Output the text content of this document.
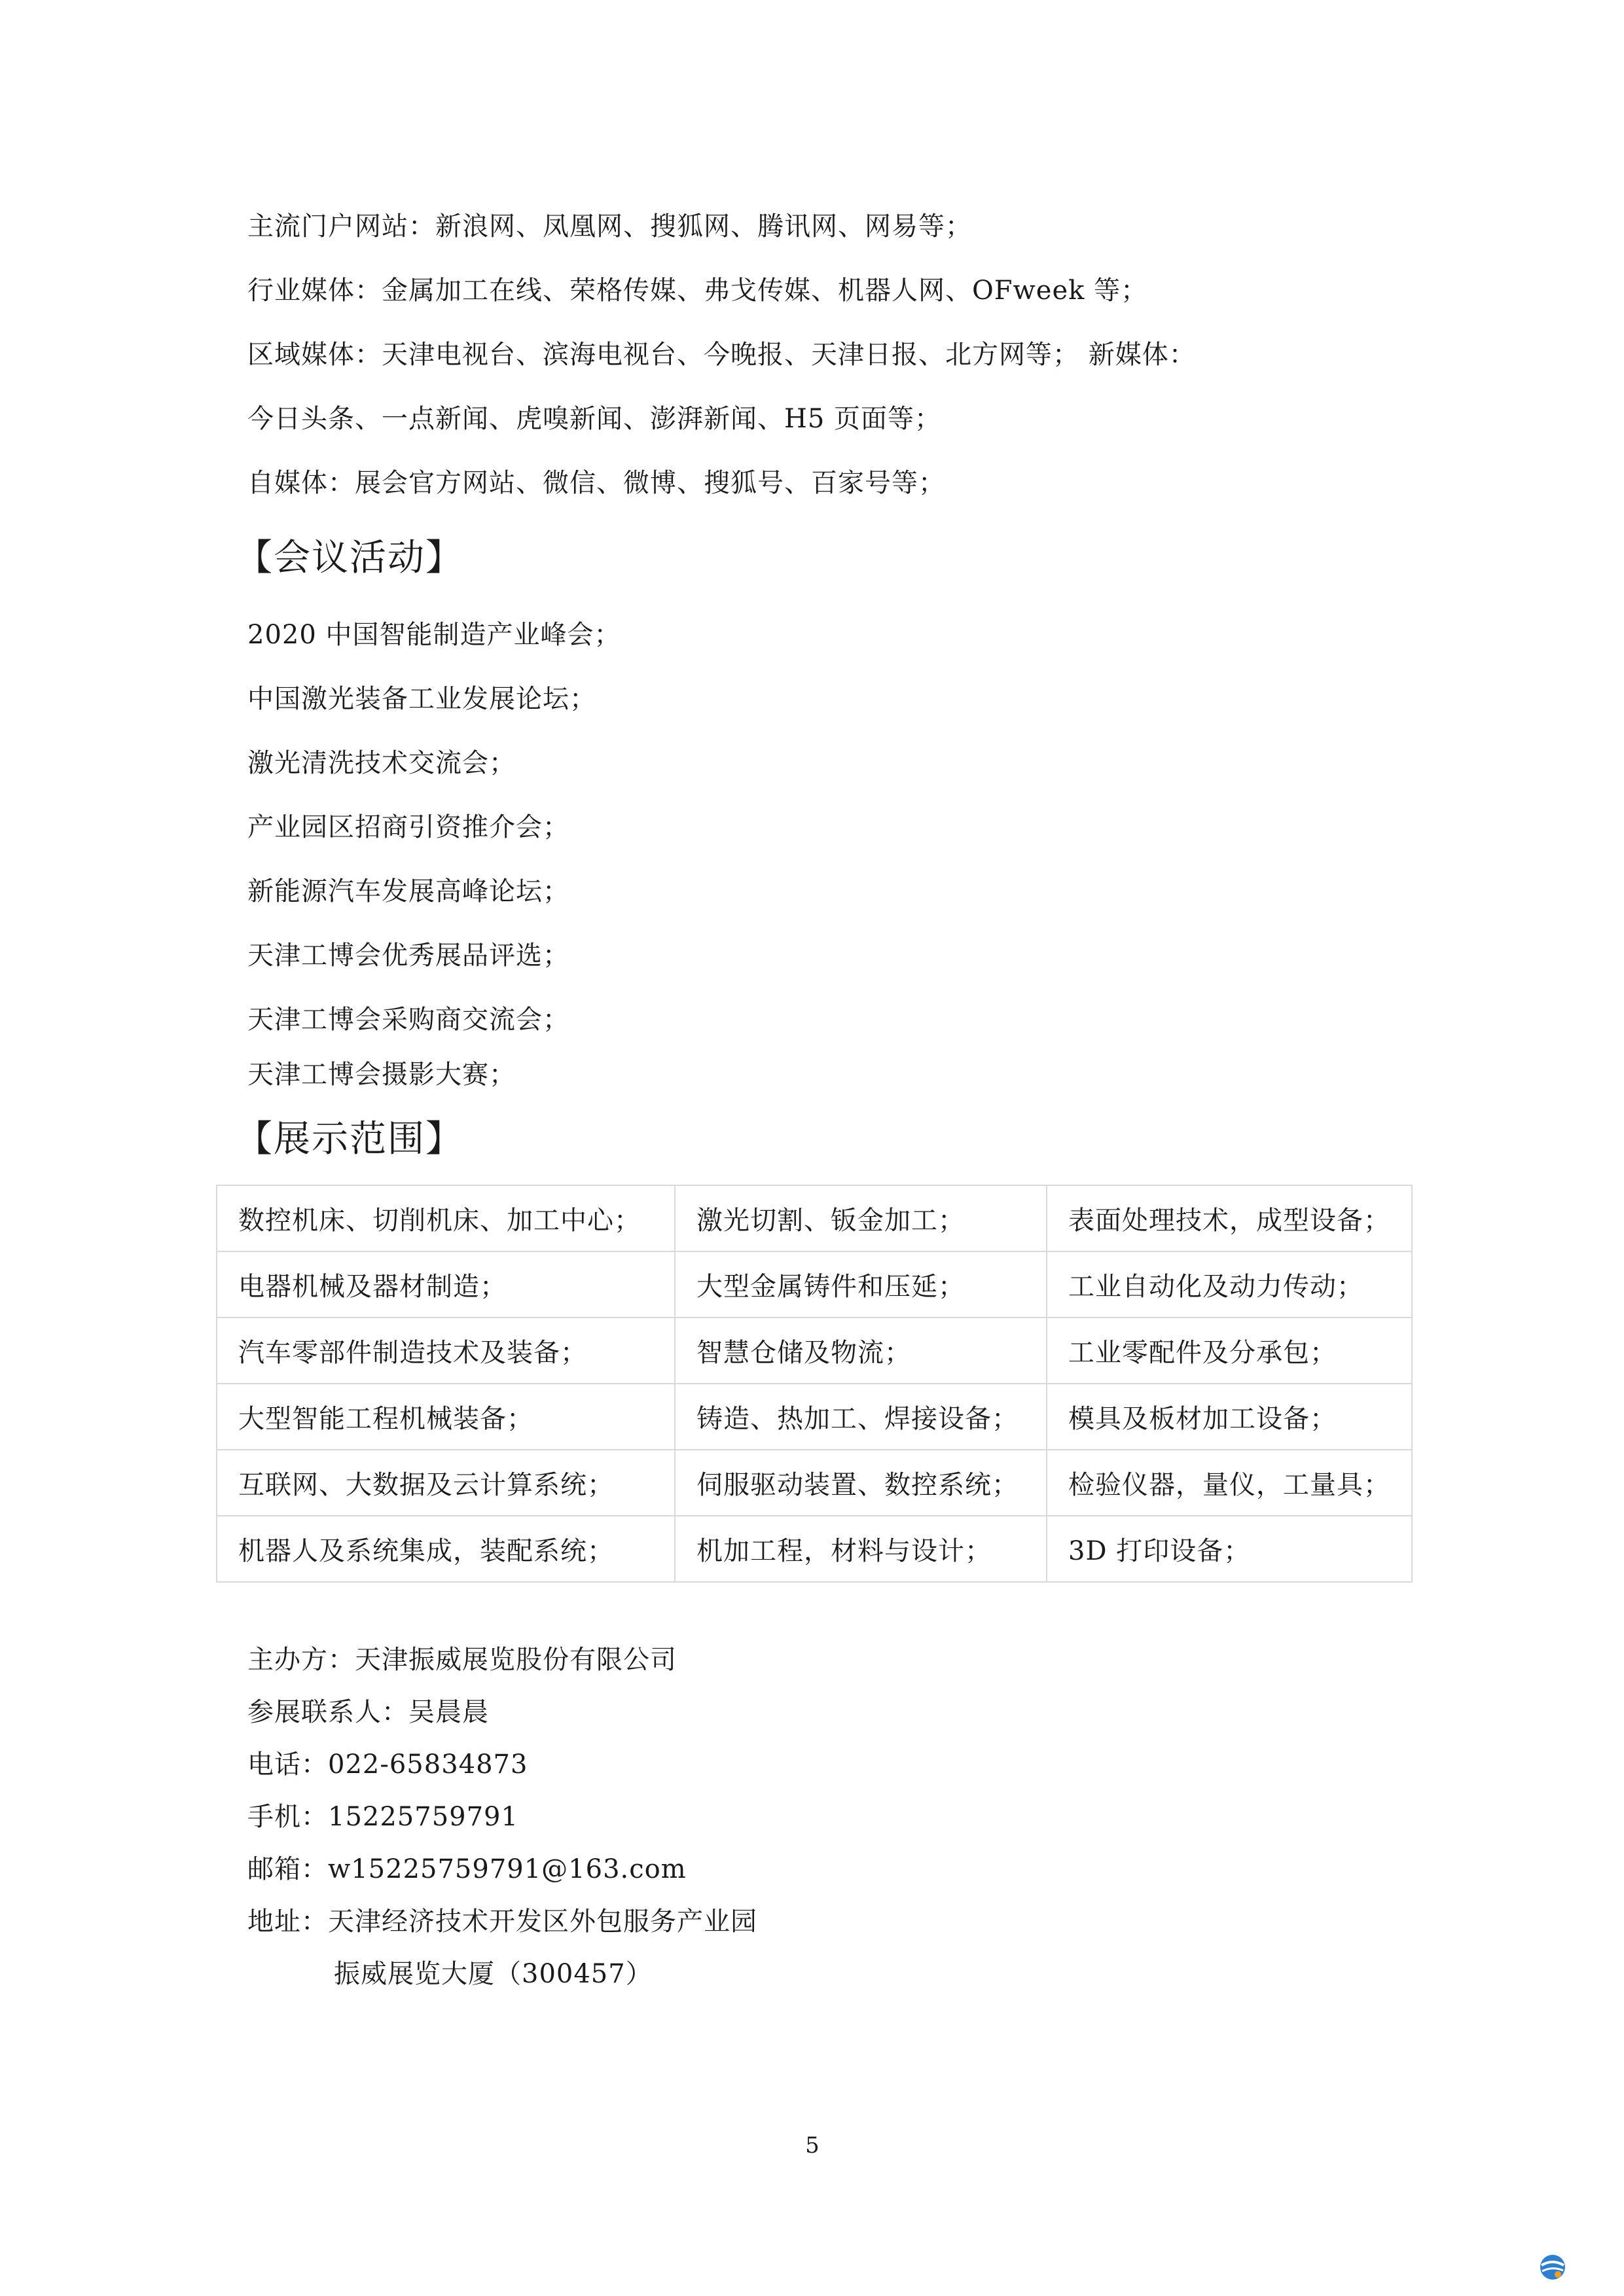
主流门户网站：新浪网、凤凰网、搜狐网、腾讯网、网易等；
行业媒体：金属加工在线、荣格传媒、弗戈传媒、机器人网、OFweek 等；
区域媒体：天津电视台、滨海电视台、今晚报、天津日报、北方网等； 新媒体：
今日头条、一点新闻、虎嗅新闻、澎湃新闻、H5 页面等；
自媒体：展会官方网站、微信、微博、搜狐号、百家号等；
【会议活动】
2020 中国智能制造产业峰会；
中国激光装备工业发展论坛；
激光清洗技术交流会；
产业园区招商引资推介会；
新能源汽车发展高峰论坛；
天津工博会优秀展品评选；
天津工博会采购商交流会；
天津工博会摄影大赛；
【展示范围】
数控机床、切削机床、加工中心；	激光切割、钣金加工；	表面处理技术，成型设备；
电器机械及器材制造；	大型金属铸件和压延；	工业自动化及动力传动；
汽车零部件制造技术及装备；	智慧仓储及物流；	工业零配件及分承包；
大型智能工程机械装备；	铸造、热加工、焊接设备；	模具及板材加工设备；
互联网、大数据及云计算系统；	伺服驱动装置、数控系统；	检验仪器，量仪，工量具；
机器人及系统集成，装配系统；	机加工程，材料与设计；	3D 打印设备；
主办方：天津振威展览股份有限公司
参展联系人：吴晨晨
电话：022-65834873
手机：15225759791
邮箱：w15225759791@163.com
地址：天津经济技术开发区外包服务产业园
振威展览大厦（300457）
5
